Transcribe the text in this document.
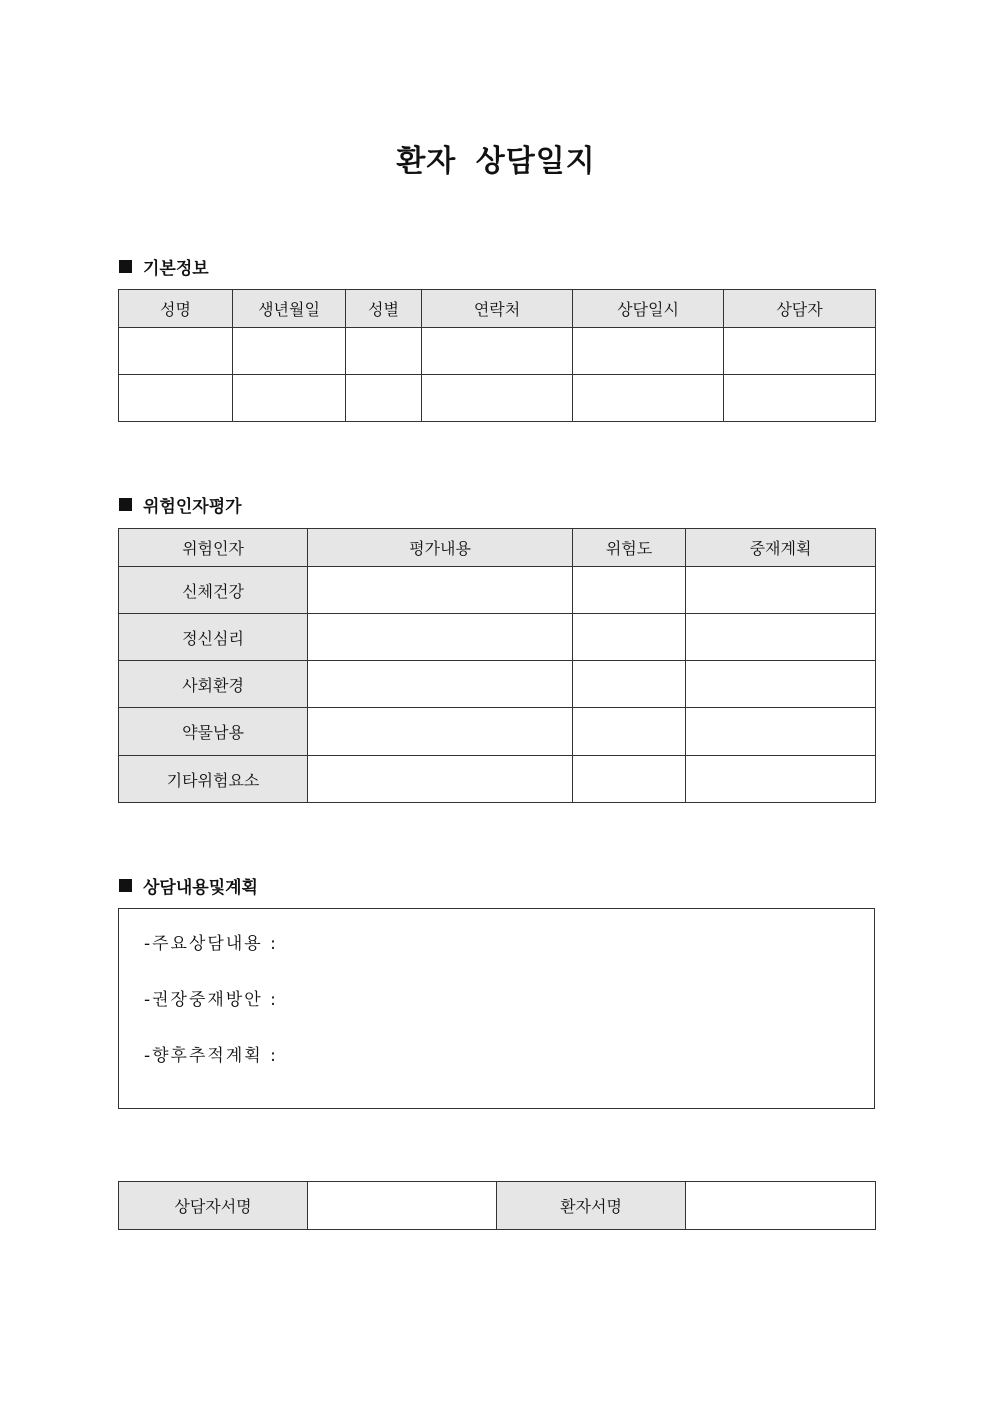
환자 상담일지
기본정보
성명	생년월일	성별	연락처	상담일시	상담자

위험인자평가
위험인자	평가내용	위험도	중재계획
신체건강			
정신심리			
사회환경			
약물남용			
기타위험요소			
상담내용및계획
-주요상담내용 :
-권장중재방안 :
-향후추적계획 :
상담자서명		환자서명	
